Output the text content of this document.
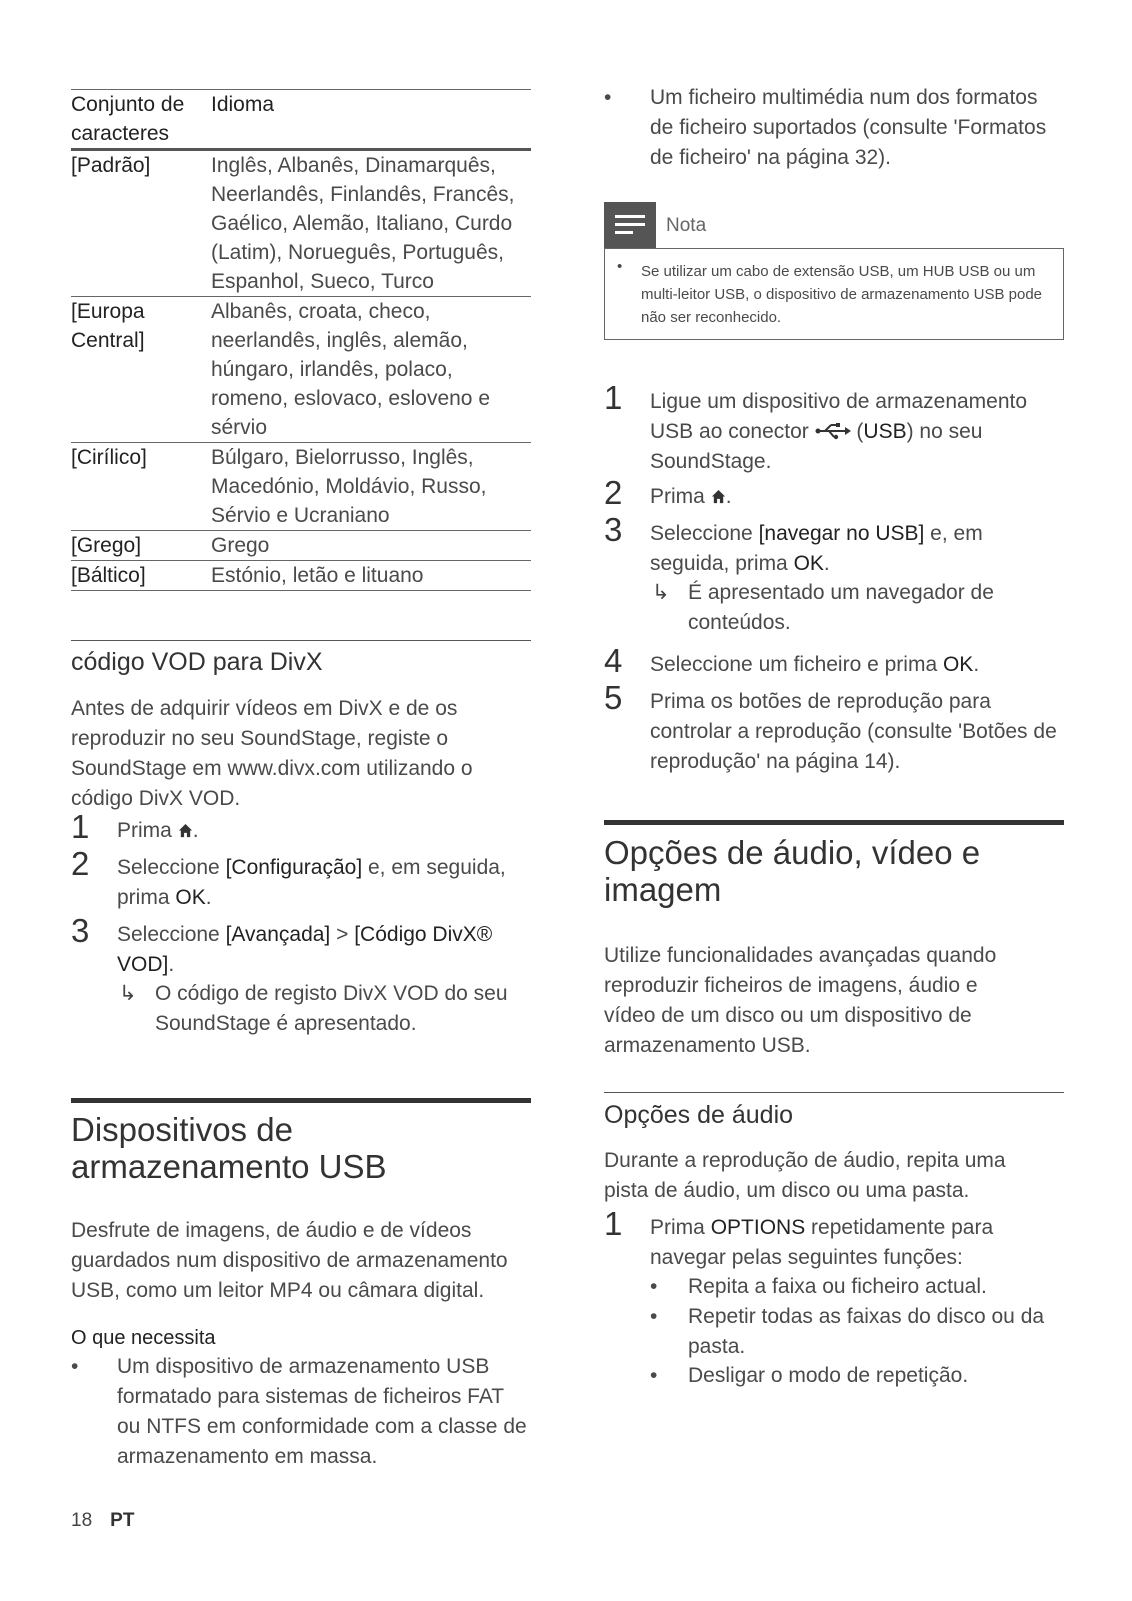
Conjunto de caracteres	Idioma
[Padrão]	Inglês, Albanês, Dinamarquês, Neerlandês, Finlandês, Francês, Gaélico, Alemão, Italiano, Curdo (Latim), Norueguês, Português, Espanhol, Sueco, Turco
[Europa Central]	Albanês, croata, checo, neerlandês, inglês, alemão, húngaro, irlandês, polaco, romeno, eslovaco, esloveno e sérvio
[Cirílico]	Búlgaro, Bielorrusso, Inglês, Macedónio, Moldávio, Russo, Sérvio e Ucraniano
[Grego]	Grego
[Báltico]	Estónio, letão e lituano
código VOD para DivX

Antes de adquirir vídeos em DivX e de os reproduzir no seu SoundStage, registe o SoundStage em www.divx.com utilizando o código DivX VOD.

1 Prima .
2 Seleccione [Configuração] e, em seguida, prima OK.
3 Seleccione [Avançada] > [Código DivX® VOD].
↳ O código de registo DivX VOD do seu SoundStage é apresentado.
Dispositivos de armazenamento USB

Desfrute de imagens, de áudio e de vídeos guardados num dispositivo de armazenamento USB, como um leitor MP4 ou câmara digital.

O que necessita

• Um dispositivo de armazenamento USB formatado para sistemas de ficheiros FAT ou NTFS em conformidade com a classe de armazenamento em massa.
• Um ficheiro multimédia num dos formatos de ficheiro suportados (consulte 'Formatos de ficheiro' na página 32).
Nota
• Se utilizar um cabo de extensão USB, um HUB USB ou um multi-leitor USB, o dispositivo de armazenamento USB pode não ser reconhecido.
1 Ligue um dispositivo de armazenamento USB ao conector  (USB) no seu SoundStage.
2 Prima .
3 Seleccione [navegar no USB] e, em seguida, prima OK.
↳ É apresentado um navegador de conteúdos.
4 Seleccione um ficheiro e prima OK.
5 Prima os botões de reprodução para controlar a reprodução (consulte 'Botões de reprodução' na página 14).
Opções de áudio, vídeo e imagem

Utilize funcionalidades avançadas quando reproduzir ficheiros de imagens, áudio e vídeo de um disco ou um dispositivo de armazenamento USB.

Opções de áudio

Durante a reprodução de áudio, repita uma pista de áudio, um disco ou uma pasta.

1 Prima OPTIONS repetidamente para navegar pelas seguintes funções:
• Repita a faixa ou ficheiro actual.
• Repetir todas as faixas do disco ou da pasta.
• Desligar o modo de repetição.
18 PT
